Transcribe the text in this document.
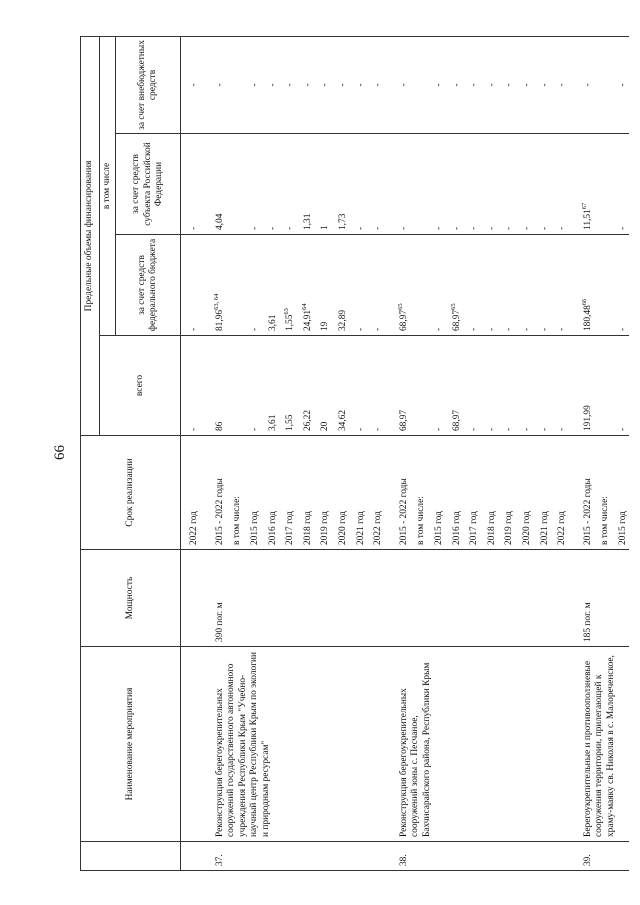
66
	Наименование мероприятия	Мощность	Срок реализации	Предельные объемы финансирования			
				всего	в том числе		
					за счет средств федерального бюджета	за счет средств субъекта Российской Федерации	за счет внебюджетных средств
			2022 год	-	-	-	-
37.	Реконструкция берегоукрепительных сооружений государственного автономного учреждения Республики Крым "Учебно-научный центр Республики Крым по экологии и природным ресурсам"	390 пог. м	2015 - 2022 годы	86	81,96$^{63, 64}$	4,04	-
			в том числе:				
			2015 год	-	-	-	-
			2016 год	3,61	3,61	-	-
			2017 год	1,55	1,55$^{63}$	-	-
			2018 год	26,22	24,91$^{64}$	1,31	-
			2019 год	20	19	1	-
			2020 год	34,62	32,89	1,73	-
			2021 год	-	-	-	-
			2022 год	-	-	-	-
38.	Реконструкция берегоукрепительных сооружений зоны с. Песчаное, Бахчисарайского района, Республики Крым		2015 - 2022 годы	68,97	68,97$^{65}$	-	-
			в том числе:				
			2015 год	-	-	-	-
			2016 год	68,97	68,97$^{65}$	-	-
			2017 год	-	-	-	-
			2018 год	-	-	-	-
			2019 год	-	-	-	-
			2020 год	-	-	-	-
			2021 год	-	-	-	-
			2022 год	-	-	-	-
39.	Берегоукрепительные и противооползневые сооружения территории, прилегающей к храму-маяку св. Николая в с. Малореченское,	185 пог. м	2015 - 2022 годы	191,99	180,48$^{66}$	11,51$^{67}$	-
			в том числе:				
			2015 год	-	-	-	-
